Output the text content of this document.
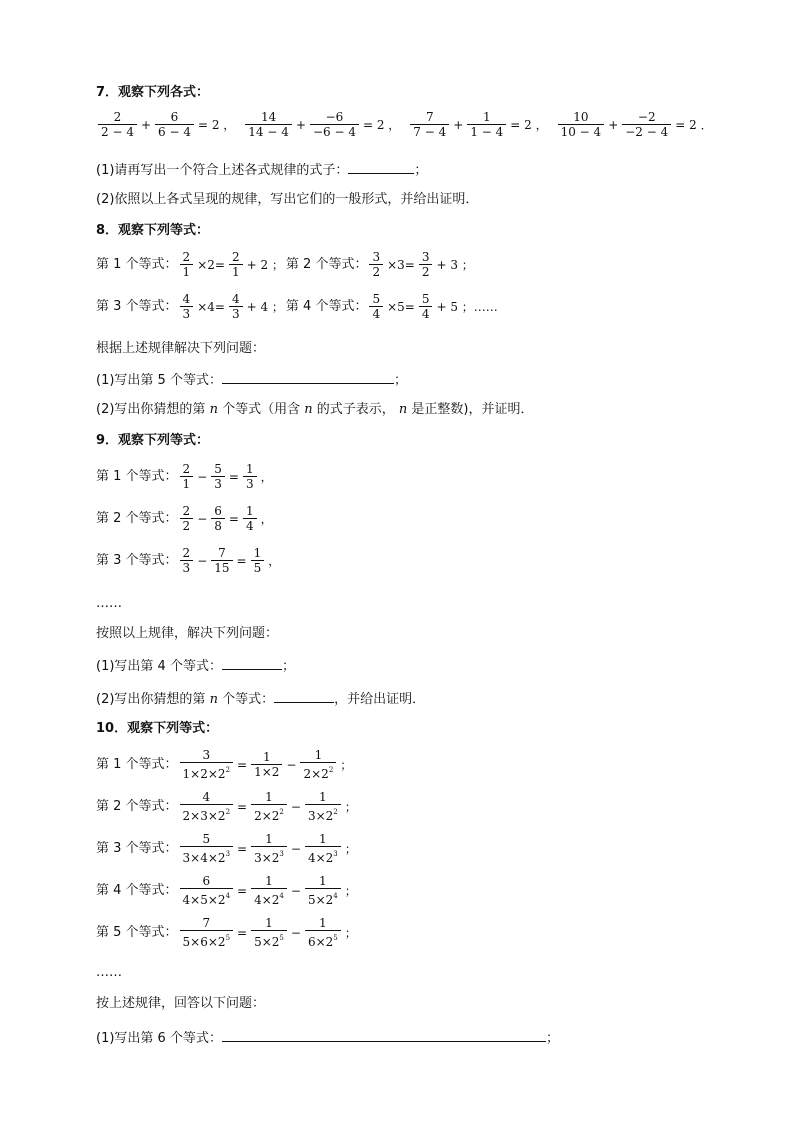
7．观察下列各式：
$\frac{2}{2 - 4} + \frac{6}{6 - 4} = 2$ ， $\frac{14}{14 - 4} + \frac{-6}{-6 - 4} = 2$ ， $\frac{7}{7 - 4} + \frac{1}{1 - 4} = 2$ ， $\frac{10}{10 - 4} + \frac{-2}{-2 - 4} = 2$ ．
(1)请再写出一个符合上述各式规律的式子：	；
(2)依照以上各式呈现的规律，写出它们的一般形式，并给出证明．
8．观察下列等式：
第 1 个等式： $\frac{2}{1} \times 2= \frac{2}{1} + 2$ ； 第 2 个等式： $\frac{3}{2} \times 3= \frac{3}{2} + 3$ ；
第 3 个等式： $\frac{4}{3} \times 4= \frac{4}{3} + 4$ ； 第 4 个等式： $\frac{5}{4} \times 5= \frac{5}{4} + 5$ ；……
根据上述规律解决下列问题：
(1)写出第 5 个等式：	；
(2)写出你猜想的第 n 个等式（用含 n 的式子表示， n 是正整数)，并证明．
9．观察下列等式：
第 1 个等式： $\frac{2}{1} - \frac{5}{3} = \frac{1}{3}$ ，
第 2 个等式： $\frac{2}{2} - \frac{6}{8} = \frac{1}{4}$ ，
第 3 个等式： $\frac{2}{3} - \frac{7}{15} = \frac{1}{5}$ ，
……
按照以上规律，解决下列问题：
(1)写出第 4 个等式：	；
(2)写出你猜想的第 n 个等式：	，并给出证明．
10．观察下列等式：
第 1 个等式： $\frac{3}{1\times 2\times 2^2} = \frac{1}{1\times 2} - \frac{1}{2\times 2^2}$ ；
第 2 个等式： $\frac{4}{2\times 3\times 2^2} = \frac{1}{2\times 2^2} - \frac{1}{3\times 2^2}$ ；
第 3 个等式： $\frac{5}{3\times 4\times 2^3} = \frac{1}{3\times 2^3} - \frac{1}{4\times 2^3}$ ；
第 4 个等式： $\frac{6}{4\times 5\times 2^4} = \frac{1}{4\times 2^4} - \frac{1}{5\times 2^4}$ ；
第 5 个等式： $\frac{7}{5\times 6\times 2^5} = \frac{1}{5\times 2^5} - \frac{1}{6\times 2^5}$ ；
……
按上述规律，回答以下问题：
(1)写出第 6 个等式：	；
